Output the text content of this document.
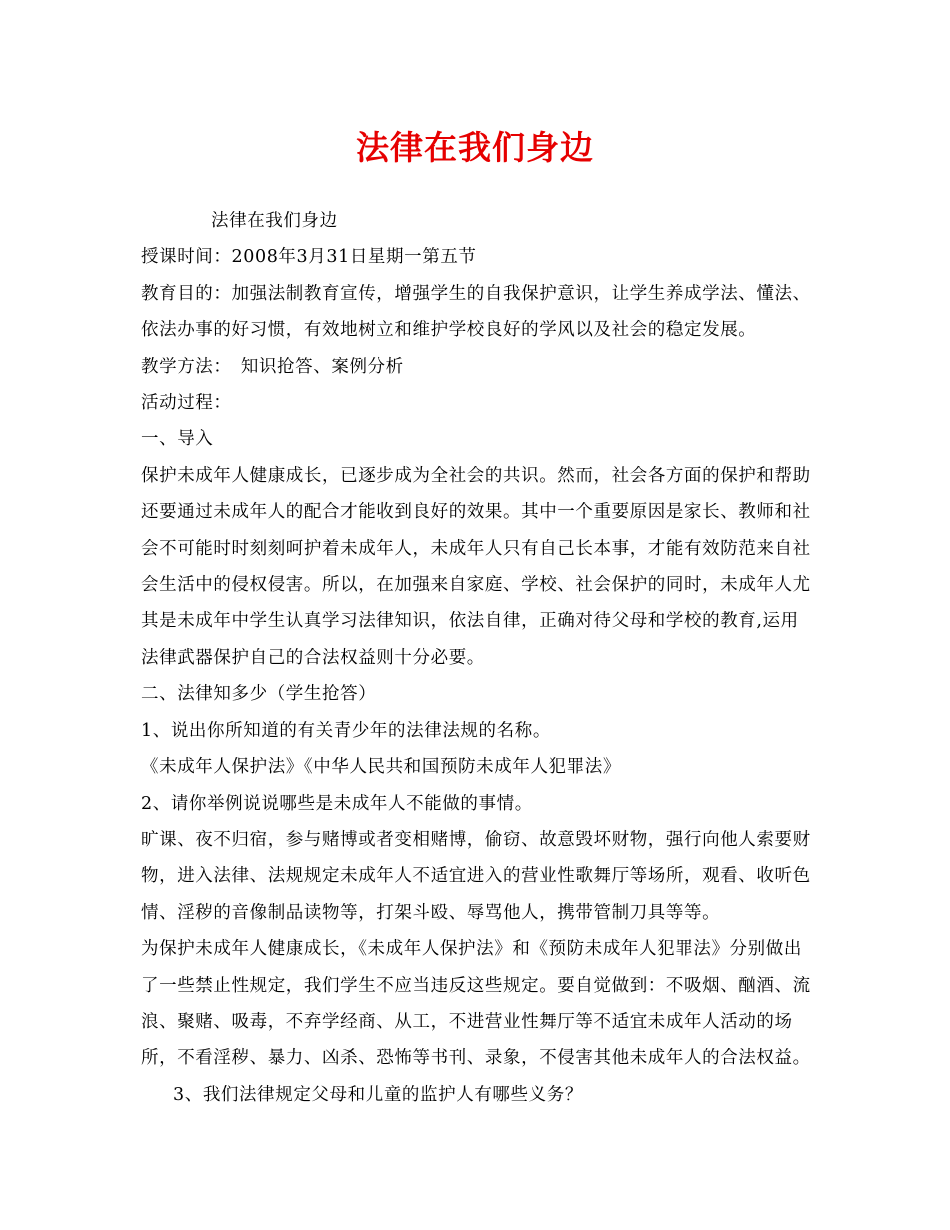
法律在我们身边

法律在我们身边

授课时间：2008年3月31日星期一第五节

教育目的：加强法制教育宣传，增强学生的自我保护意识，让学生养成学法、懂法、依法办事的好习惯，有效地树立和维护学校良好的学风以及社会的稳定发展。

教学方法：　知识抢答、案例分析

活动过程：

一、导入

保护未成年人健康成长，已逐步成为全社会的共识。然而，社会各方面的保护和帮助还要通过未成年人的配合才能收到良好的效果。其中一个重要原因是家长、教师和社会不可能时时刻刻呵护着未成年人，未成年人只有自己长本事，才能有效防范来自社会生活中的侵权侵害。所以，在加强来自家庭、学校、社会保护的同时，未成年人尤其是未成年中学生认真学习法律知识，依法自律，正确对待父母和学校的教育,运用法律武器保护自己的合法权益则十分必要。

二、法律知多少（学生抢答）

1、说出你所知道的有关青少年的法律法规的名称。

《未成年人保护法》《中华人民共和国预防未成年人犯罪法》

2、请你举例说说哪些是未成年人不能做的事情。

旷课、夜不归宿，参与赌博或者变相赌博，偷窃、故意毁坏财物，强行向他人索要财物，进入法律、法规规定未成年人不适宜进入的营业性歌舞厅等场所，观看、收听色情、淫秽的音像制品读物等，打架斗殴、辱骂他人，携带管制刀具等等。

为保护未成年人健康成长，《未成年人保护法》和《预防未成年人犯罪法》分别做出了一些禁止性规定，我们学生不应当违反这些规定。要自觉做到：不吸烟、酗酒、流浪、聚赌、吸毒，不弃学经商、从工，不进营业性舞厅等不适宜未成年人活动的场所，不看淫秽、暴力、凶杀、恐怖等书刊、录象，不侵害其他未成年人的合法权益。

3、我们法律规定父母和儿童的监护人有哪些义务？
